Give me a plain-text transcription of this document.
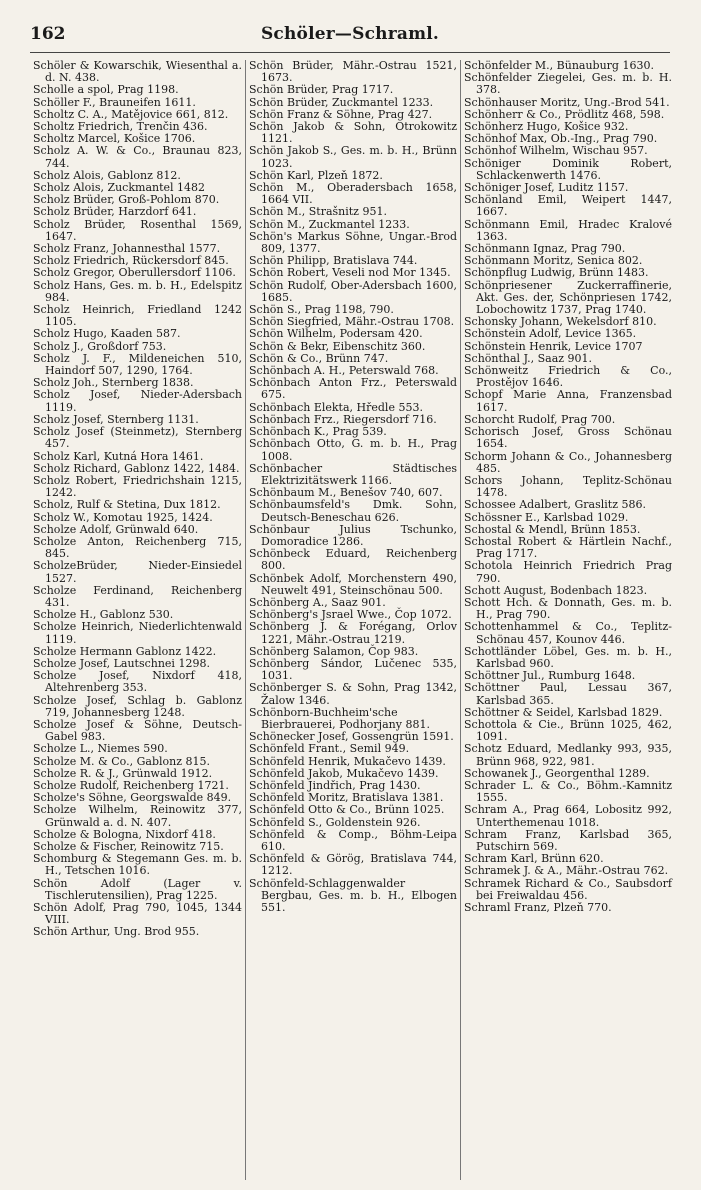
162	Schöler—Schraml.

Schöler & Kowarschik, Wiesenthal a. d. N. 438.

Scholle a spol, Prag 1198.

Schöller F., Brauneifen 1611.

Scholtz C. A., Matějovice 661, 812.

Scholtz Friedrich, Trenčin 436.

Scholtz Marcel, Košice 1706.

Scholz A. W. & Co., Braunau 823, 744.

Scholz Alois, Gablonz 812.

Scholz Alois, Zuckmantel 1482

Scholz Brüder, Groß-Pohlom 870.

Scholz Brüder, Harzdorf 641.

Scholz Brüder, Rosenthal 1569, 1647.

Scholz Franz, Johannesthal 1577.

Scholz Friedrich, Rückersdorf 845.

Scholz Gregor, Oberullersdorf 1106.

Scholz Hans, Ges. m. b. H., Edelspitz 984.

Scholz Heinrich, Friedland 1242 1105.

Scholz Hugo, Kaaden 587.

Scholz J., Großdorf 753.

Scholz J. F., Mildeneichen 510, Haindorf 507, 1290, 1764.

Scholz Joh., Sternberg 1838.

Scholz Josef, Nieder-Adersbach 1119.

Scholz Josef, Sternberg 1131.

Scholz Josef (Steinmetz), Sternberg 457.

Scholz Karl, Kutná Hora 1461.

Scholz Richard, Gablonz 1422, 1484.

Scholz Robert, Friedrichshain 1215, 1242.

Scholz, Rulf & Stetina, Dux 1812.

Scholz W., Komotau 1925, 1424.

Scholze Adolf, Grünwald 640.

Scholze Anton, Reichenberg 715, 845.

ScholzeBrüder, Nieder-Einsiedel 1527.

Scholze Ferdinand, Reichenberg 431.

Scholze H., Gablonz 530.

Scholze Heinrich, Niederlichtenwald 1119.

Scholze Hermann Gablonz 1422.

Scholze Josef, Lautschnei 1298.

Scholze Josef, Nixdorf 418, Altehrenberg 353.

Scholze Josef, Schlag b. Gablonz 719, Johannesberg 1248.

Scholze Josef & Söhne, Deutsch-Gabel 983.

Scholze L., Niemes 590.

Scholze M. & Co., Gablonz 815.

Scholze R. & J., Grünwald 1912.

Scholze Rudolf, Reichenberg 1721.

Scholze's Söhne, Georgswalde 849.

Scholze Wilhelm, Reinowitz 377, Grünwald a. d. N. 407.

Scholze & Bologna, Nixdorf 418.

Scholze & Fischer, Reinowitz 715.

Schomburg & Stegemann Ges. m. b. H., Tetschen 1016.

Schön Adolf (Lager v. Tischlerutensilien), Prag 1225.

Schön Adolf, Prag 790, 1045, 1344 VIII.

Schön Arthur, Ung. Brod 955.

Schön Brüder, Mähr.-Ostrau 1521, 1673.

Schön Brüder, Prag 1717.

Schön Brüder, Zuckmantel 1233.

Schön Franz & Söhne, Prag 427.

Schön Jakob & Sohn, Otrokowitz 1121.

Schön Jakob S., Ges. m. b. H., Brünn 1023.

Schön Karl, Plzeň 1872.

Schön M., Oberadersbach 1658, 1664 VII.

Schön M., Strašnitz 951.

Schön M., Zuckmantel 1233.

Schön's Markus Söhne, Ungar.-Brod 809, 1377.

Schön Philipp, Bratislava 744.

Schön Robert, Veseli nod Mor 1345.

Schön Rudolf, Ober-Adersbach 1600, 1685.

Schön S., Prag 1198, 790.

Schön Siegfried, Mähr.-Ostrau 1708.

Schön Wilhelm, Podersam 420.

Schön & Bekr, Eibenschitz 360.

Schön & Co., Brünn 747.

Schönbach A. H., Peterswald 768.

Schönbach Anton Frz., Peterswald 675.

Schönbach Elekta, Hředle 553.

Schönbach Frz., Riegersdorf 716.

Schönbach K., Prag 539.

Schönbach Otto, G. m. b. H., Prag 1008.

Schönbacher Städtisches Elektrizitätswerk 1166.

Schönbaum M., Benešov 740, 607.

Schönbaumsfeld's Dmk. Sohn, Deutsch-Beneschau 626.

Schönbaur Julius Tschunko, Domoradice 1286.

Schönbeck Eduard, Reichenberg 800.

Schönbek Adolf, Morchenstern 490, Neuwelt 491, Steinschönau 500.

Schönberg A., Saaz 901.

Schönberg's Jsrael Wwe., Čop 1072.

Schönberg J. & Forégang, Orlov 1221, Mähr.-Ostrau 1219.

Schönberg Salamon, Čop 983.

Schönberg Sándor, Lučenec 535, 1031.

Schönberger S. & Sohn, Prag 1342, Žalow 1346.

Schönborn-Buchheim'sche Bierbrauerei, Podhorjany 881.

Schönecker Josef, Gossengrün 1591.

Schönfeld Frant., Semil 949.

Schönfeld Henrik, Mukačevo 1439.

Schönfeld Jakob, Mukačevo 1439.

Schönfeld Jindřich, Prag 1430.

Schönfeld Moritz, Bratislava 1381.

Schönfeld Otto & Co., Brünn 1025.

Schönfeld S., Goldenstein 926.

Schönfeld & Comp., Böhm-Leipa 610.

Schönfeld & Görög, Bratislava 744, 1212.

Schönfeld-Schlaggenwalder Bergbau, Ges. m. b. H., Elbogen 551.

Schönfelder M., Bünauburg 1630.

Schönfelder Ziegelei, Ges. m. b. H. 378.

Schönhauser Moritz, Ung.-Brod 541.

Schönherr & Co., Prödlitz 468, 598.

Schönherz Hugo, Košice 932.

Schönhof Max, Ob.-Ing., Prag 790.

Schönhof Wilhelm, Wischau 957.

Schöniger Dominik Robert, Schlackenwerth 1476.

Schöniger Josef, Luditz 1157.

Schönland Emil, Weipert 1447, 1667.

Schönmann Emil, Hradec Kralové 1363.

Schönmann Ignaz, Prag 790.

Schönmann Moritz, Senica 802.

Schönpflug Ludwig, Brünn 1483.

Schönpriesener Zuckerraffinerie, Akt. Ges. der, Schönpriesen 1742, Lobochowitz 1737, Prag 1740.

Schonsky Johann, Wekelsdorf 810.

Schönstein Adolf, Levice 1365.

Schönstein Henrik, Levice 1707

Schönthal J., Saaz 901.

Schönweitz Friedrich & Co., Prostějov 1646.

Schopf Marie Anna, Franzensbad 1617.

Schorcht Rudolf, Prag 700.

Schorisch Josef, Gross Schönau 1654.

Schorm Johann & Co., Johannesberg 485.

Schors Johann, Teplitz-Schönau 1478.

Schossee Adalbert, Graslitz 586.

Schössner E., Karlsbad 1029.

Schostal & Mendl, Brünn 1853.

Schostal Robert & Härtlein Nachf., Prag 1717.

Schotola Heinrich Friedrich Prag 790.

Schott August, Bodenbach 1823.

Schott Hch. & Donnath, Ges. m. b. H., Prag 790.

Schottenhammel & Co., Teplitz-Schönau 457, Kounov 446.

Schottländer Löbel, Ges. m. b. H., Karlsbad 960.

Schöttner Jul., Rumburg 1648.

Schöttner Paul, Lessau 367, Karlsbad 365.

Schöttner & Seidel, Karlsbad 1829.

Schottola & Cie., Brünn 1025, 462, 1091.

Schotz Eduard, Medlanky 993, 935, Brünn 968, 922, 981.

Schowanek J., Georgenthal 1289.

Schrader L. & Co., Böhm.-Kamnitz 1555.

Schram A., Prag 664, Lobositz 992, Unterthemenau 1018.

Schram Franz, Karlsbad 365, Putschirn 569.

Schram Karl, Brünn 620.

Schramek J. & A., Mähr.-Ostrau 762.

Schramek Richard & Co., Saubsdorf bei Freiwaldau 456.

Schraml Franz, Plzeň 770.
